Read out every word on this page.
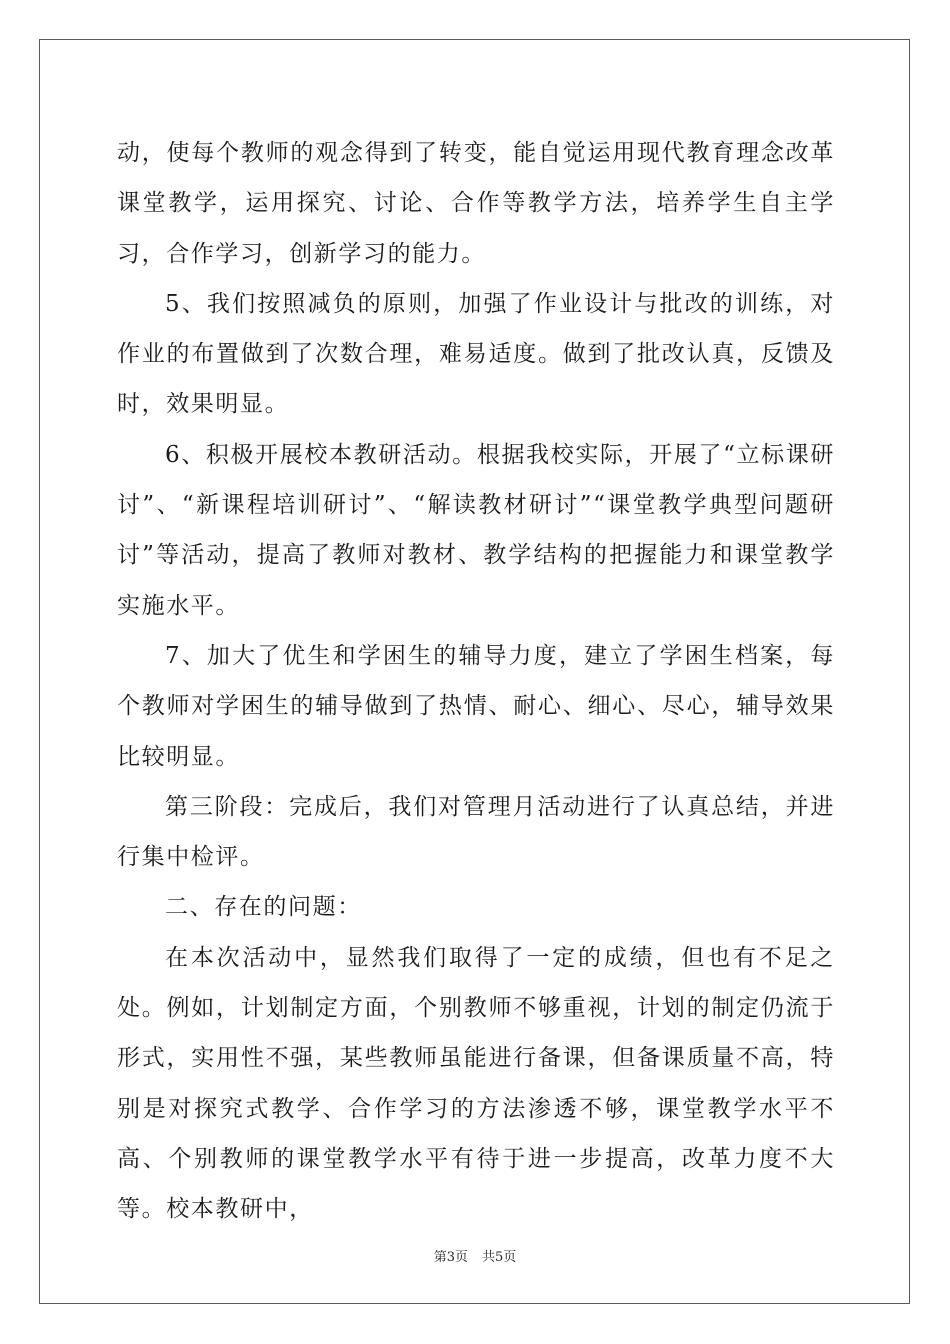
动，使每个教师的观念得到了转变，能自觉运用现代教育理念改革课堂教学，运用探究、讨论、合作等教学方法，培养学生自主学习，合作学习，创新学习的能力。

5、我们按照减负的原则，加强了作业设计与批改的训练，对作业的布置做到了次数合理，难易适度。做到了批改认真，反馈及时，效果明显。

6、积极开展校本教研活动。根据我校实际，开展了“立标课研讨”、“新课程培训研讨”、“解读教材研讨”“课堂教学典型问题研讨”等活动，提高了教师对教材、教学结构的把握能力和课堂教学实施水平。

7、加大了优生和学困生的辅导力度，建立了学困生档案，每个教师对学困生的辅导做到了热情、耐心、细心、尽心，辅导效果比较明显。

第三阶段：完成后，我们对管理月活动进行了认真总结，并进行集中检评。

二、存在的问题：

在本次活动中，显然我们取得了一定的成绩，但也有不足之处。例如，计划制定方面，个别教师不够重视，计划的制定仍流于形式，实用性不强，某些教师虽能进行备课，但备课质量不高，特别是对探究式教学、合作学习的方法渗透不够，课堂教学水平不高、个别教师的课堂教学水平有待于进一步提高，改革力度不大等。校本教研中，

第3页 共5页
